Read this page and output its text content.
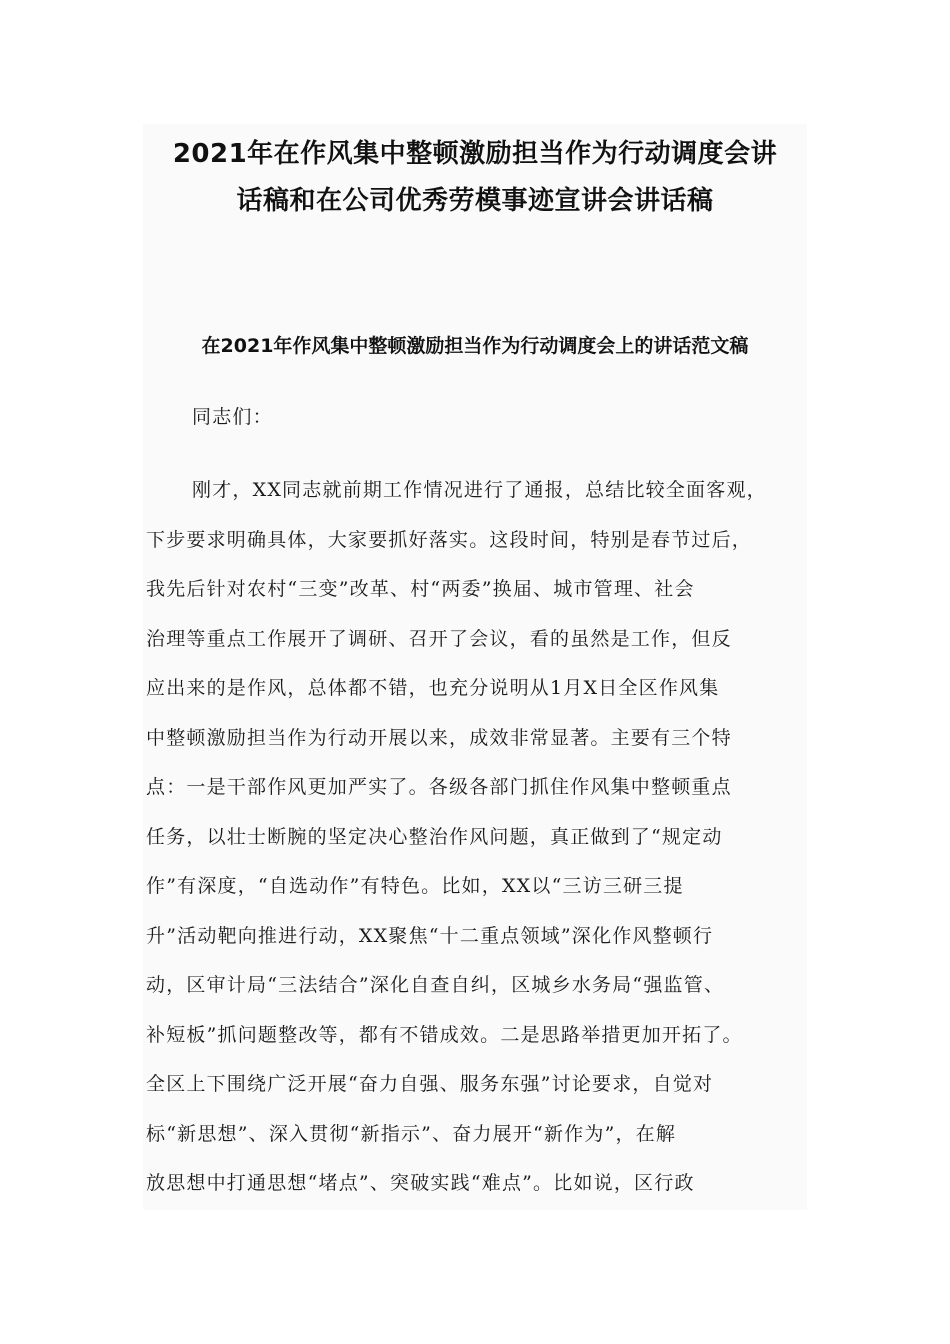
2021年在作风集中整顿激励担当作为行动调度会讲
话稿和在公司优秀劳模事迹宣讲会讲话稿
在2021年作风集中整顿激励担当作为行动调度会上的讲话范文稿

同志们：

刚才，XX同志就前期工作情况进行了通报，总结比较全面客观，

下步要求明确具体，大家要抓好落实。这段时间，特别是春节过后，

我先后针对农村“三变”改革、村“两委”换届、城市管理、社会

治理等重点工作展开了调研、召开了会议，看的虽然是工作，但反

应出来的是作风，总体都不错，也充分说明从1月X日全区作风集

中整顿激励担当作为行动开展以来，成效非常显著。主要有三个特

点：一是干部作风更加严实了。各级各部门抓住作风集中整顿重点

任务，以壮士断腕的坚定决心整治作风问题，真正做到了“规定动

作”有深度，“自选动作”有特色。比如，XX以“三访三研三提

升”活动靶向推进行动，XX聚焦“十二重点领域”深化作风整顿行

动，区审计局“三法结合”深化自查自纠，区城乡水务局“强监管、

补短板”抓问题整改等，都有不错成效。二是思路举措更加开拓了。

全区上下围绕广泛开展“奋力自强、服务东强”讨论要求，自觉对

标“新思想”、深入贯彻“新指示”、奋力展开“新作为”，在解

放思想中打通思想“堵点”、突破实践“难点”。比如说，区行政
